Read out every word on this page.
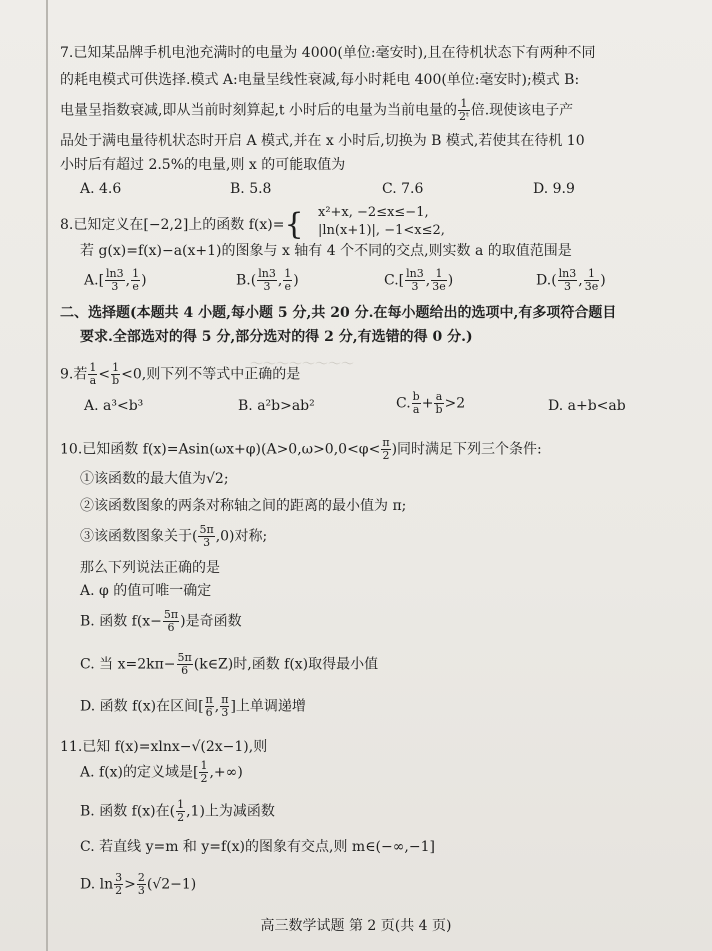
7.已知某品牌手机电池充满时的电量为 4000(单位:毫安时),且在待机状态下有两种不同
的耗电模式可供选择.模式 A:电量呈线性衰减,每小时耗电 400(单位:毫安时);模式 B:
电量呈指数衰减,即从当前时刻算起,t 小时后的电量为当前电量的 $\frac{1}{\text{2ᵗ}}$ 倍.现使该电子产
品处于满电量待机状态时开启 A 模式,并在 x 小时后,切换为 B 模式,若使其在待机 10
小时后有超过 2.5%的电量,则 x 的可能取值为
A. 4.6	B. 5.8	C. 7.6	D. 9.9
8.已知定义在[−2,2]上的函数 f(x)={ x²+x, −2≤x≤−1,
|ln(x+1)|, −1<x≤2,
若 g(x)=f(x)−a(x+1)的图象与 x 轴有 4 个不同的交点,则实数 a 的取值范围是
$A.[ \frac{\ln 3}{3}$ , $\frac{1}{e}$ )	$B.( \frac{\ln 3}{3}$ , $\frac{1}{e}$ )	$C.[ \frac{\ln 3}{3}$ , $\frac{1}{3e}$ )	$D.( \frac{\ln 3}{3}$ , $\frac{1}{3e}$ )
二、选择题(本题共 4 小题,每小题 5 分,共 20 分.在每小题给出的选项中,有多项符合题目
要求.全部选对的得 5 分,部分选对的得 2 分,有选错的得 0 分.)
～～～～～～～～
9.若 $\frac{1}{a} < \frac{1}{b} <0$,则下列不等式中正确的是
A. a³<b³	B. a²b>ab²	C. $\frac{b}{a} + \frac{a}{b} >2$	D. a+b<ab
10.已知函数 $f(x)=Asin(\omega x+\varphi)(A>0,\omega>0,0<\varphi< \frac{\pi}{2}$ )同时满足下列三个条件:
①该函数的最大值为√2;
②该函数图象的两条对称轴之间的距离的最小值为 π;
③该函数图象关于( $\frac{5\pi}{3} ,0$)对称;
那么下列说法正确的是
A. φ 的值可唯一确定
B. 函数 $f(x- \frac{5\pi}{6}$ )是奇函数
C. 当 $x=2k\pi- \frac{5\pi}{6}$ (k∈Z)时,函数 f(x)取得最小值
D. 函数 f(x)在区间[ $\frac{\pi}{6}$ , $\frac{\pi}{3}$ ]上单调递增
11.已知 f(x)=xlnx−√(2x−1),则
A. f(x)的定义域是[ $\frac{1}{2}$ ,+∞)
B. 函数 f(x)在( $\frac{1}{2} ,1$)上为减函数
C. 若直线 y=m 和 y=f(x)的图象有交点,则 m∈(−∞,−1]
D. $\ln \frac{3}{2} > \frac{2}{3} (√2-1)$
高三数学试题 第 2 页(共 4 页)
